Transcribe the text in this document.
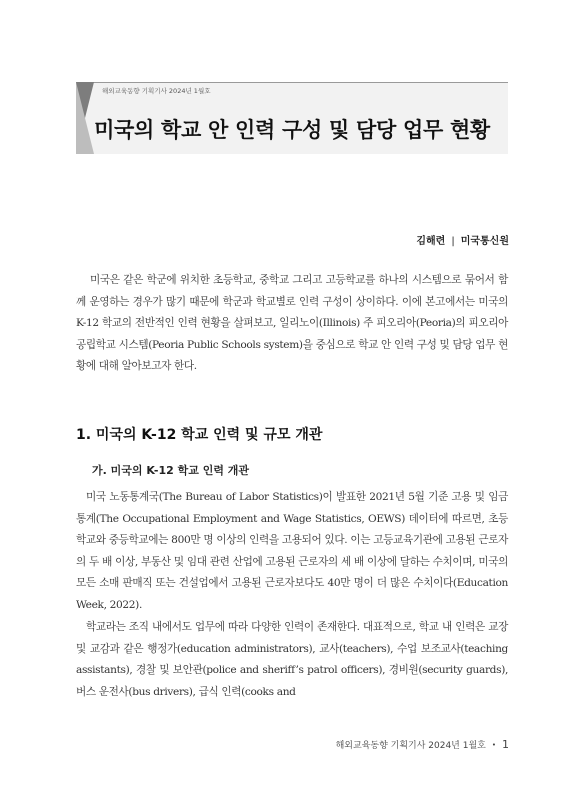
해외교육동향 기획기사 2024년 1월호
미국의 학교 안 인력 구성 및 담당 업무 현황
김해련 | 미국통신원

미국은 같은 학군에 위치한 초등학교, 중학교 그리고 고등학교를 하나의 시스템으로 묶어서 함께 운영하는 경우가 많기 때문에 학군과 학교별로 인력 구성이 상이하다. 이에 본고에서는 미국의 K-12 학교의 전반적인 인력 현황을 살펴보고, 일리노이(Illinois) 주 피오리아(Peoria)의 피오리아 공립학교 시스템(Peoria Public Schools system)을 중심으로 학교 안 인력 구성 및 담당 업무 현황에 대해 알아보고자 한다.

1. 미국의 K-12 학교 인력 및 규모 개관
가. 미국의 K-12 학교 인력 개관

미국 노동통계국(The Bureau of Labor Statistics)이 발표한 2021년 5월 기준 고용 및 임금 통계(The Occupational Employment and Wage Statistics, OEWS) 데이터에 따르면, 초등학교와 중등학교에는 800만 명 이상의 인력을 고용되어 있다. 이는 고등교육기관에 고용된 근로자의 두 배 이상, 부동산 및 임대 관련 산업에 고용된 근로자의 세 배 이상에 달하는 수치이며, 미국의 모든 소매 판매직 또는 건설업에서 고용된 근로자보다도 40만 명이 더 많은 수치이다(Education Week, 2022).

학교라는 조직 내에서도 업무에 따라 다양한 인력이 존재한다. 대표적으로, 학교 내 인력은 교장 및 교감과 같은 행정가(education administrators), 교사(teachers), 수업 보조교사(teaching assistants), 경찰 및 보안관(police and sheriff’s patrol officers), 경비원(security guards), 버스 운전사(bus drivers), 급식 인력(cooks and

해외교육동향 기획기사 2024년 1월호 • 1
